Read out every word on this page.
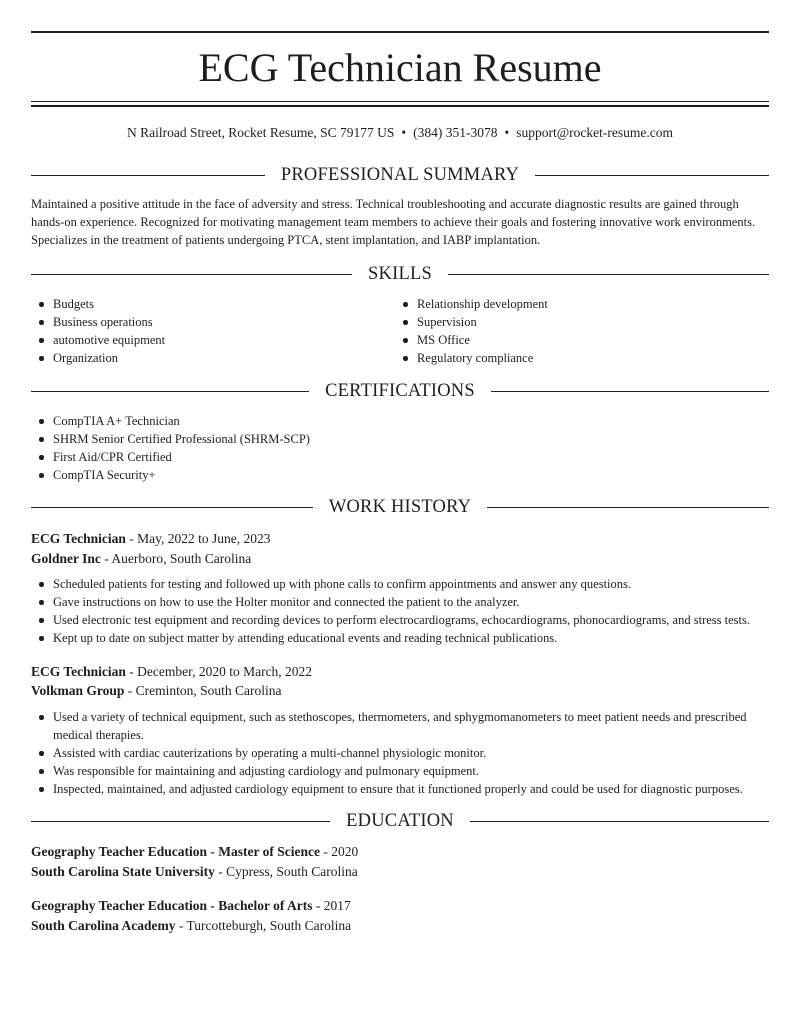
ECG Technician Resume
N Railroad Street, Rocket Resume, SC 79177 US • (384) 351-3078 • support@rocket-resume.com
PROFESSIONAL SUMMARY

Maintained a positive attitude in the face of adversity and stress. Technical troubleshooting and accurate diagnostic results are gained through hands-on experience. Recognized for motivating management team members to achieve their goals and fostering innovative work environments. Specializes in the treatment of patients undergoing PTCA, stent implantation, and IABP implantation.

SKILLS
Budgets
Business operations
automotive equipment
Organization
Relationship development
Supervision
MS Office
Regulatory compliance
CERTIFICATIONS
CompTIA A+ Technician
SHRM Senior Certified Professional (SHRM-SCP)
First Aid/CPR Certified
CompTIA Security+
WORK HISTORY
ECG Technician - May, 2022 to June, 2023
Goldner Inc - Auerboro, South Carolina
Scheduled patients for testing and followed up with phone calls to confirm appointments and answer any questions.
Gave instructions on how to use the Holter monitor and connected the patient to the analyzer.
Used electronic test equipment and recording devices to perform electrocardiograms, echocardiograms, phonocardiograms, and stress tests.
Kept up to date on subject matter by attending educational events and reading technical publications.
ECG Technician - December, 2020 to March, 2022
Volkman Group - Creminton, South Carolina
Used a variety of technical equipment, such as stethoscopes, thermometers, and sphygmomanometers to meet patient needs and prescribed medical therapies.
Assisted with cardiac cauterizations by operating a multi-channel physiologic monitor.
Was responsible for maintaining and adjusting cardiology and pulmonary equipment.
Inspected, maintained, and adjusted cardiology equipment to ensure that it functioned properly and could be used for diagnostic purposes.
EDUCATION
Geography Teacher Education - Master of Science - 2020
South Carolina State University - Cypress, South Carolina
Geography Teacher Education - Bachelor of Arts - 2017
South Carolina Academy - Turcotteburgh, South Carolina
